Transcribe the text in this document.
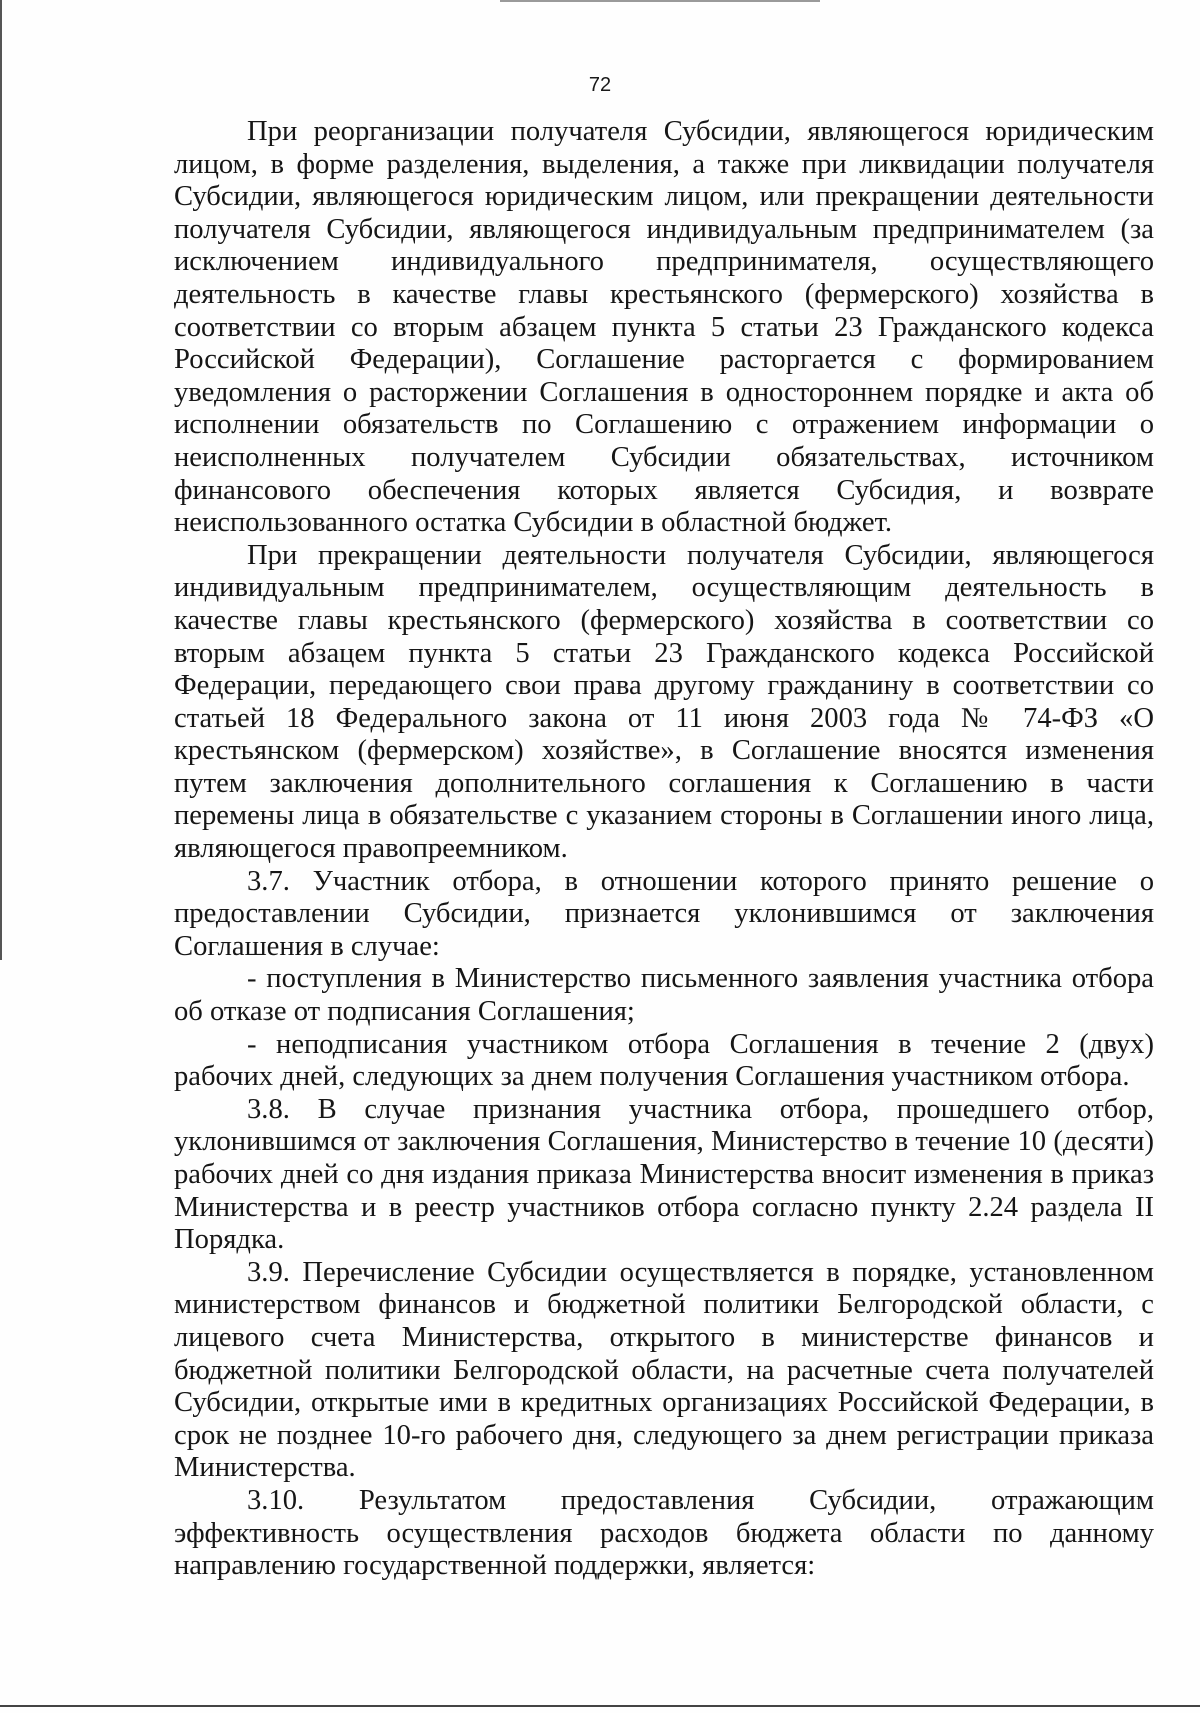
72

При реорганизации получателя Субсидии, являющегося юридическим лицом, в форме разделения, выделения, а также при ликвидации получателя Субсидии, являющегося юридическим лицом, или прекращении деятельности получателя Субсидии, являющегося индивидуальным предпринимателем (за исключением индивидуального предпринимателя, осуществляющего деятельность в качестве главы крестьянского (фермерского) хозяйства в соответствии со вторым абзацем пункта 5 статьи 23 Гражданского кодекса Российской Федерации), Соглашение расторгается с формированием уведомления о расторжении Соглашения в одностороннем порядке и акта об исполнении обязательств по Соглашению с отражением информации о неисполненных получателем Субсидии обязательствах, источником финансового обеспечения которых является Субсидия, и возврате неиспользованного остатка Субсидии в областной бюджет.

При прекращении деятельности получателя Субсидии, являющегося индивидуальным предпринимателем, осуществляющим деятельность в качестве главы крестьянского (фермерского) хозяйства в соответствии со вторым абзацем пункта 5 статьи 23 Гражданского кодекса Российской Федерации, передающего свои права другому гражданину в соответствии со статьей 18 Федерального закона от 11 июня 2003 года № 74-ФЗ «О крестьянском (фермерском) хозяйстве», в Соглашение вносятся изменения путем заключения дополнительного соглашения к Соглашению в части перемены лица в обязательстве с указанием стороны в Соглашении иного лица, являющегося правопреемником.

3.7. Участник отбора, в отношении которого принято решение о предоставлении Субсидии, признается уклонившимся от заключения Соглашения в случае:

- поступления в Министерство письменного заявления участника отбора об отказе от подписания Соглашения;

- неподписания участником отбора Соглашения в течение 2 (двух) рабочих дней, следующих за днем получения Соглашения участником отбора.

3.8. В случае признания участника отбора, прошедшего отбор, уклонившимся от заключения Соглашения, Министерство в течение 10 (десяти) рабочих дней со дня издания приказа Министерства вносит изменения в приказ Министерства и в реестр участников отбора согласно пункту 2.24 раздела II Порядка.

3.9. Перечисление Субсидии осуществляется в порядке, установленном министерством финансов и бюджетной политики Белгородской области, с лицевого счета Министерства, открытого в министерстве финансов и бюджетной политики Белгородской области, на расчетные счета получателей Субсидии, открытые ими в кредитных организациях Российской Федерации, в срок не позднее 10-го рабочего дня, следующего за днем регистрации приказа Министерства.

3.10. Результатом предоставления Субсидии, отражающим эффективность осуществления расходов бюджета области по данному направлению государственной поддержки, является:
